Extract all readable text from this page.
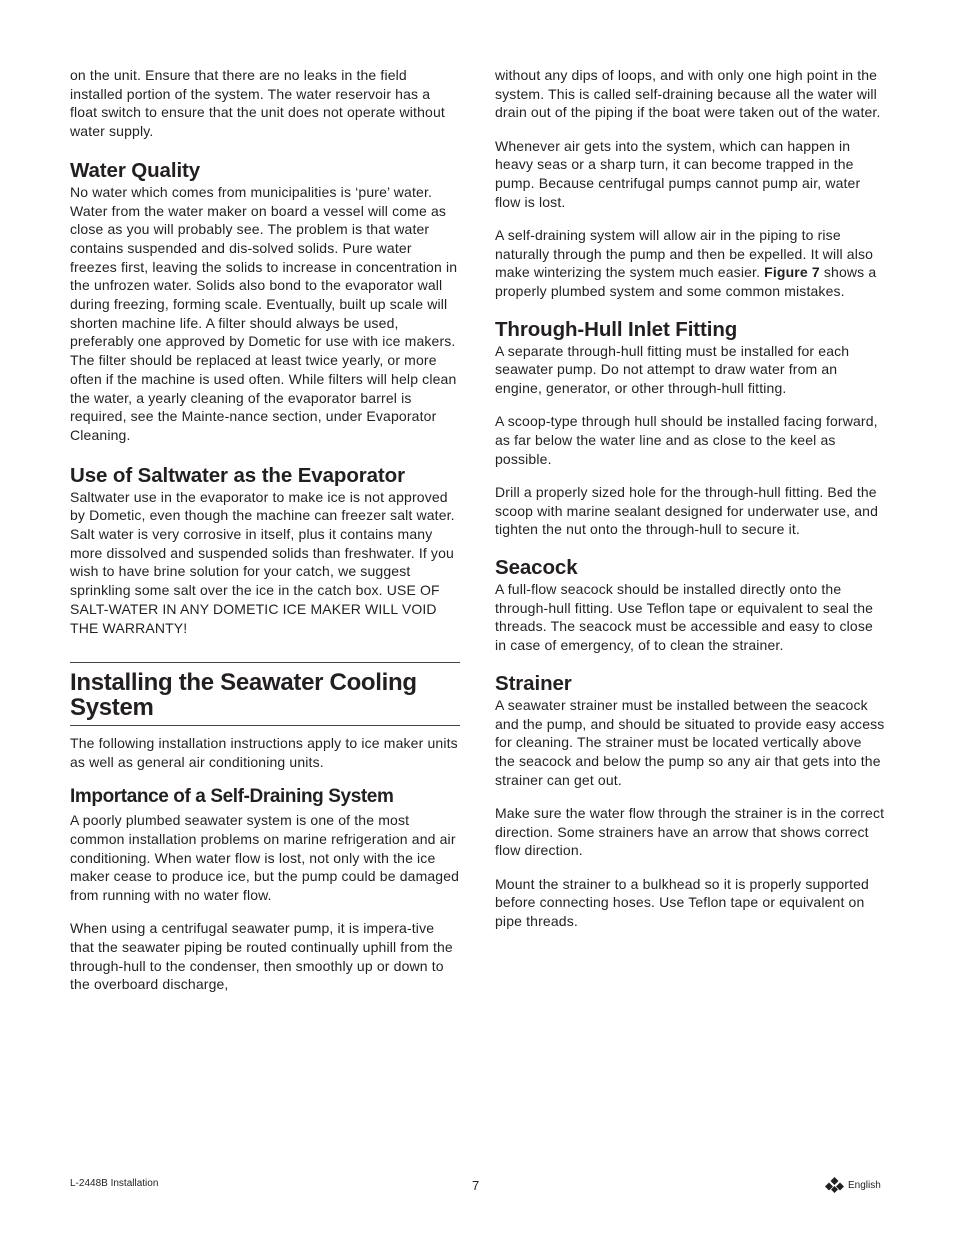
on the unit. Ensure that there are no leaks in the field installed portion of the system. The water reservoir has a float switch to ensure that the unit does not operate without water supply.

Water Quality

No water which comes from municipalities is ‘pure’ water. Water from the water maker on board a vessel will come as close as you will probably see. The problem is that water contains suspended and dis-solved solids. Pure water freezes first, leaving the solids to increase in concentration in the unfrozen water. Solids also bond to the evaporator wall during freezing, forming scale. Eventually, built up scale will shorten machine life. A filter should always be used, preferably one approved by Dometic for use with ice makers. The filter should be replaced at least twice yearly, or more often if the machine is used often. While filters will help clean the water, a yearly cleaning of the evaporator barrel is required, see the Mainte-nance section, under Evaporator Cleaning.

Use of Saltwater as the Evaporator

Saltwater use in the evaporator to make ice is not approved by Dometic, even though the machine can freezer salt water. Salt water is very corrosive in itself, plus it contains many more dissolved and suspended solids than freshwater. If you wish to have brine solution for your catch, we suggest sprinkling some salt over the ice in the catch box. USE OF SALT-WATER IN ANY DOMETIC ICE MAKER WILL VOID THE WARRANTY!

Installing the Seawater Cooling System

The following installation instructions apply to ice maker units as well as general air conditioning units.

Importance of a Self-Draining System

A poorly plumbed seawater system is one of the most common installation problems on marine refrigeration and air conditioning. When water flow is lost, not only with the ice maker cease to produce ice, but the pump could be damaged from running with no water flow.

When using a centrifugal seawater pump, it is impera-tive that the seawater piping be routed continually uphill from the through-hull to the condenser, then smoothly up or down to the overboard discharge,

without any dips of loops, and with only one high point in the system. This is called self-draining because all the water will drain out of the piping if the boat were taken out of the water.

Whenever air gets into the system, which can happen in heavy seas or a sharp turn, it can become trapped in the pump. Because centrifugal pumps cannot pump air, water flow is lost.

A self-draining system will allow air in the piping to rise naturally through the pump and then be expelled. It will also make winterizing the system much easier. Figure 7 shows a properly plumbed system and some common mistakes.

Through-Hull Inlet Fitting

A separate through-hull fitting must be installed for each seawater pump. Do not attempt to draw water from an engine, generator, or other through-hull fitting.

A scoop-type through hull should be installed facing forward, as far below the water line and as close to the keel as possible.

Drill a properly sized hole for the through-hull fitting. Bed the scoop with marine sealant designed for underwater use, and tighten the nut onto the through-hull to secure it.

Seacock

A full-flow seacock should be installed directly onto the through-hull fitting. Use Teflon tape or equivalent to seal the threads. The seacock must be accessible and easy to close in case of emergency, of to clean the strainer.

Strainer

A seawater strainer must be installed between the seacock and the pump, and should be situated to provide easy access for cleaning. The strainer must be located vertically above the seacock and below the pump so any air that gets into the strainer can get out.

Make sure the water flow through the strainer is in the correct direction. Some strainers have an arrow that shows correct flow direction.

Mount the strainer to a bulkhead so it is properly supported before connecting hoses. Use Teflon tape or equivalent on pipe threads.

L-2448B Installation	7	English
